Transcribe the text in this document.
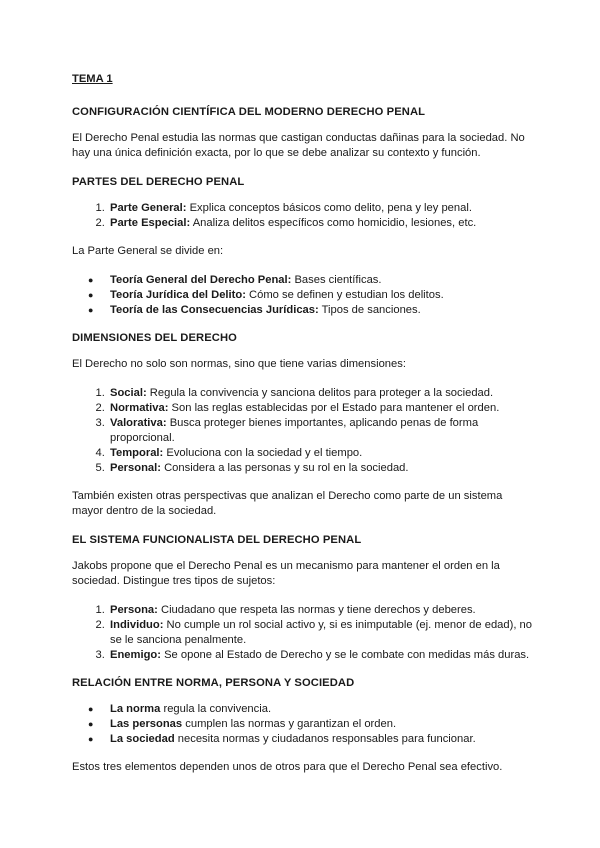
TEMA 1
CONFIGURACIÓN CIENTÍFICA DEL MODERNO DERECHO PENAL

El Derecho Penal estudia las normas que castigan conductas dañinas para la sociedad. No hay una única definición exacta, por lo que se debe analizar su contexto y función.

PARTES DEL DERECHO PENAL
1. Parte General: Explica conceptos básicos como delito, pena y ley penal.
2. Parte Especial: Analiza delitos específicos como homicidio, lesiones, etc.

La Parte General se divide en:

● Teoría General del Derecho Penal: Bases científicas.
● Teoría Jurídica del Delito: Cómo se definen y estudian los delitos.
● Teoría de las Consecuencias Jurídicas: Tipos de sanciones.
DIMENSIONES DEL DERECHO

El Derecho no solo son normas, sino que tiene varias dimensiones:

1. Social: Regula la convivencia y sanciona delitos para proteger a la sociedad.
2. Normativa: Son las reglas establecidas por el Estado para mantener el orden.
3. Valorativa: Busca proteger bienes importantes, aplicando penas de forma proporcional.
4. Temporal: Evoluciona con la sociedad y el tiempo.
5. Personal: Considera a las personas y su rol en la sociedad.

También existen otras perspectivas que analizan el Derecho como parte de un sistema mayor dentro de la sociedad.

EL SISTEMA FUNCIONALISTA DEL DERECHO PENAL

Jakobs propone que el Derecho Penal es un mecanismo para mantener el orden en la sociedad. Distingue tres tipos de sujetos:

1. Persona: Ciudadano que respeta las normas y tiene derechos y deberes.
2. Individuo: No cumple un rol social activo y, si es inimputable (ej. menor de edad), no se le sanciona penalmente.
3. Enemigo: Se opone al Estado de Derecho y se le combate con medidas más duras.
RELACIÓN ENTRE NORMA, PERSONA Y SOCIEDAD
● La norma regula la convivencia.
● Las personas cumplen las normas y garantizan el orden.
● La sociedad necesita normas y ciudadanos responsables para funcionar.

Estos tres elementos dependen unos de otros para que el Derecho Penal sea efectivo.
